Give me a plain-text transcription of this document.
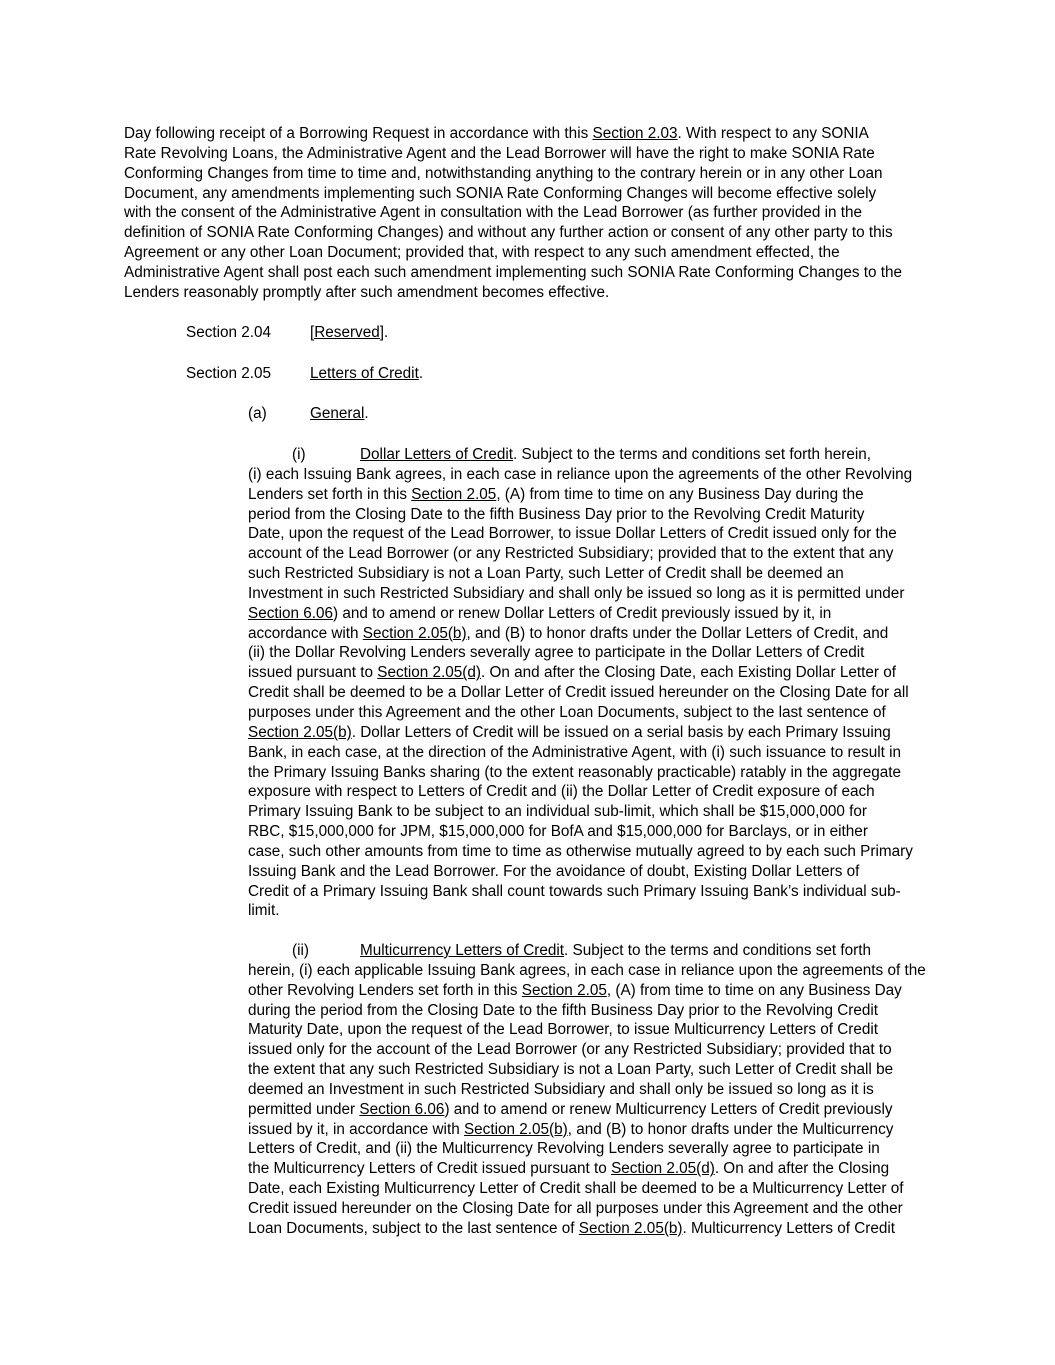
Day following receipt of a Borrowing Request in accordance with this Section 2.03. With respect to any SONIA
Rate Revolving Loans, the Administrative Agent and the Lead Borrower will have the right to make SONIA Rate
Conforming Changes from time to time and, notwithstanding anything to the contrary herein or in any other Loan
Document, any amendments implementing such SONIA Rate Conforming Changes will become effective solely
with the consent of the Administrative Agent in consultation with the Lead Borrower (as further provided in the
definition of SONIA Rate Conforming Changes) and without any further action or consent of any other party to this
Agreement or any other Loan Document; provided that, with respect to any such amendment effected, the
Administrative Agent shall post each such amendment implementing such SONIA Rate Conforming Changes to the
Lenders reasonably promptly after such amendment becomes effective.
Section 2.04	[Reserved].
Section 2.05	Letters of Credit.
(a)	General.
(i)	Dollar Letters of Credit. Subject to the terms and conditions set forth herein,
(i) each Issuing Bank agrees, in each case in reliance upon the agreements of the other Revolving
Lenders set forth in this Section 2.05, (A) from time to time on any Business Day during the
period from the Closing Date to the fifth Business Day prior to the Revolving Credit Maturity
Date, upon the request of the Lead Borrower, to issue Dollar Letters of Credit issued only for the
account of the Lead Borrower (or any Restricted Subsidiary; provided that to the extent that any
such Restricted Subsidiary is not a Loan Party, such Letter of Credit shall be deemed an
Investment in such Restricted Subsidiary and shall only be issued so long as it is permitted under
Section 6.06) and to amend or renew Dollar Letters of Credit previously issued by it, in
accordance with Section 2.05(b), and (B) to honor drafts under the Dollar Letters of Credit, and
(ii) the Dollar Revolving Lenders severally agree to participate in the Dollar Letters of Credit
issued pursuant to Section 2.05(d). On and after the Closing Date, each Existing Dollar Letter of
Credit shall be deemed to be a Dollar Letter of Credit issued hereunder on the Closing Date for all
purposes under this Agreement and the other Loan Documents, subject to the last sentence of
Section 2.05(b). Dollar Letters of Credit will be issued on a serial basis by each Primary Issuing
Bank, in each case, at the direction of the Administrative Agent, with (i) such issuance to result in
the Primary Issuing Banks sharing (to the extent reasonably practicable) ratably in the aggregate
exposure with respect to Letters of Credit and (ii) the Dollar Letter of Credit exposure of each
Primary Issuing Bank to be subject to an individual sub-limit, which shall be $15,000,000 for
RBC, $15,000,000 for JPM, $15,000,000 for BofA and $15,000,000 for Barclays, or in either
case, such other amounts from time to time as otherwise mutually agreed to by each such Primary
Issuing Bank and the Lead Borrower. For the avoidance of doubt, Existing Dollar Letters of
Credit of a Primary Issuing Bank shall count towards such Primary Issuing Bank’s individual sub-
limit.
(ii)	Multicurrency Letters of Credit. Subject to the terms and conditions set forth
herein, (i) each applicable Issuing Bank agrees, in each case in reliance upon the agreements of the
other Revolving Lenders set forth in this Section 2.05, (A) from time to time on any Business Day
during the period from the Closing Date to the fifth Business Day prior to the Revolving Credit
Maturity Date, upon the request of the Lead Borrower, to issue Multicurrency Letters of Credit
issued only for the account of the Lead Borrower (or any Restricted Subsidiary; provided that to
the extent that any such Restricted Subsidiary is not a Loan Party, such Letter of Credit shall be
deemed an Investment in such Restricted Subsidiary and shall only be issued so long as it is
permitted under Section 6.06) and to amend or renew Multicurrency Letters of Credit previously
issued by it, in accordance with Section 2.05(b), and (B) to honor drafts under the Multicurrency
Letters of Credit, and (ii) the Multicurrency Revolving Lenders severally agree to participate in
the Multicurrency Letters of Credit issued pursuant to Section 2.05(d). On and after the Closing
Date, each Existing Multicurrency Letter of Credit shall be deemed to be a Multicurrency Letter of
Credit issued hereunder on the Closing Date for all purposes under this Agreement and the other
Loan Documents, subject to the last sentence of Section 2.05(b). Multicurrency Letters of Credit
